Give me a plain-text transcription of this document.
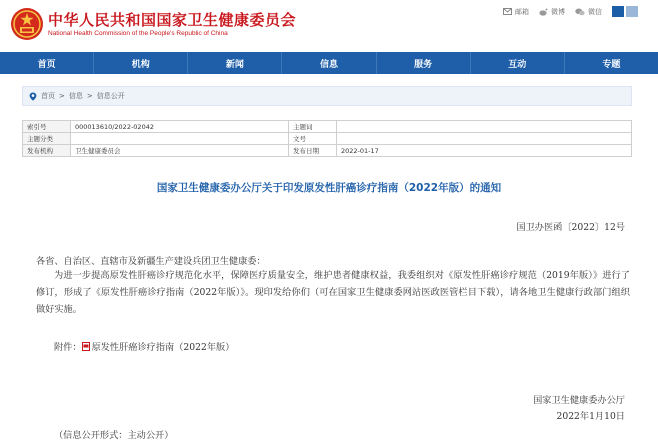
中华人民共和国国家卫生健康委员会
National Health Commission of the People's Republic of China
邮箱	微博	微信
首页	机构	新闻	信息	服务	互动	专题
首页 > 信息 > 信息公开
索引号	000013610/2022-02042	主题词	
主题分类		文号	
发布机构	卫生健康委员会	发布日期	2022-01-17
国家卫生健康委办公厅关于印发原发性肝癌诊疗指南（2022年版）的通知
国卫办医函〔2022〕12号
各省、自治区、直辖市及新疆生产建设兵团卫生健康委：
为进一步提高原发性肝癌诊疗规范化水平，保障医疗质量安全，维护患者健康权益，我委组织对《原发性肝癌诊疗规范（2019年版）》进行了修订，形成了《原发性肝癌诊疗指南（2022年版）》。现印发给你们（可在国家卫生健康委网站医政医管栏目下载），请各地卫生健康行政部门组织做好实施。
附件： 原发性肝癌诊疗指南（2022年版）
国家卫生健康委办公厅
2022年1月10日
（信息公开形式：主动公开）
